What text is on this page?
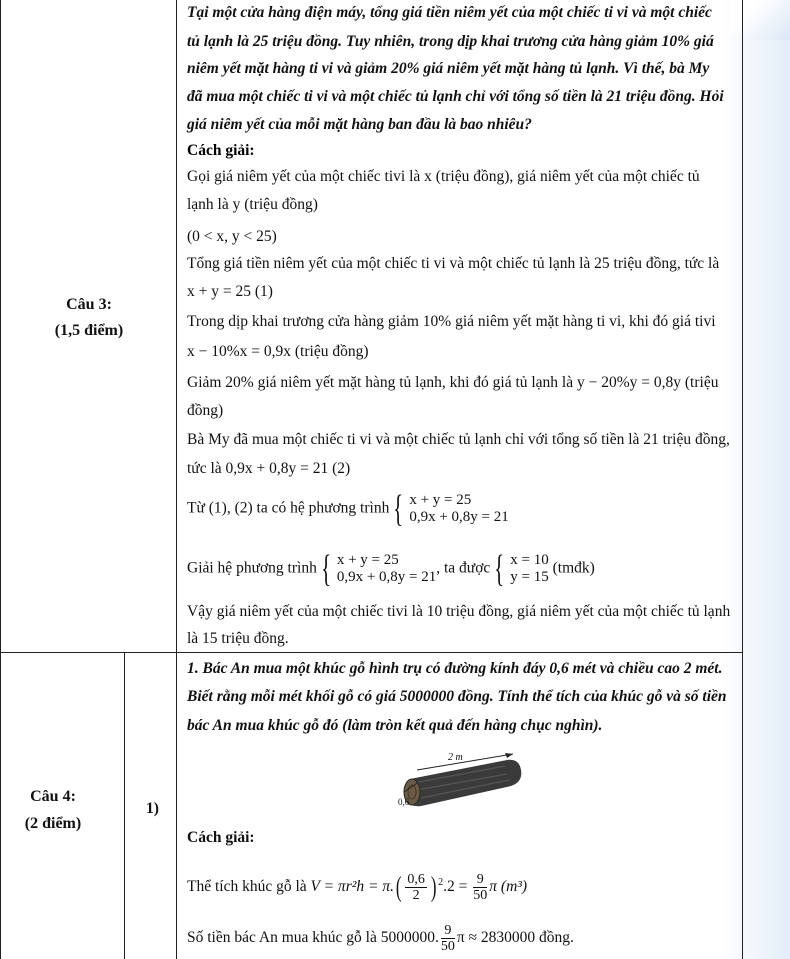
Câu 3:
(1,5 điểm)
Tại một cửa hàng điện máy, tổng giá tiền niêm yết của một chiếc ti vi và một chiếc
tủ lạnh là 25 triệu đồng. Tuy nhiên, trong dịp khai trương cửa hàng giảm 10% giá
niêm yết mặt hàng ti vi và giảm 20% giá niêm yết mặt hàng tủ lạnh. Vì thế, bà My
đã mua một chiếc ti vi và một chiếc tủ lạnh chỉ với tổng số tiền là 21 triệu đồng. Hỏi
giá niêm yết của mỗi mặt hàng ban đầu là bao nhiêu?
Cách giải:
Gọi giá niêm yết của một chiếc tivi là x (triệu đồng), giá niêm yết của một chiếc tủ
lạnh là y (triệu đồng)
(0 < x, y < 25)
Tổng giá tiền niêm yết của một chiếc ti vi và một chiếc tủ lạnh là 25 triệu đồng, tức là
x + y = 25 (1)
Trong dịp khai trương cửa hàng giảm 10% giá niêm yết mặt hàng ti vi, khi đó giá tivi
x − 10%x = 0,9x (triệu đồng)
Giảm 20% giá niêm yết mặt hàng tủ lạnh, khi đó giá tủ lạnh là y − 20%y = 0,8y (triệu
đồng)
Bà My đã mua một chiếc ti vi và một chiếc tủ lạnh chỉ với tổng số tiền là 21 triệu đồng,
tức là 0,9x + 0,8y = 21 (2)
Từ (1), (2) ta có hệ phương trình { x + y = 25
0,9x + 0,8y = 21
Giải hệ phương trình { x + y = 25
0,9x + 0,8y = 21
, ta được { x = 10
y = 15
(tmđk)
Vậy giá niêm yết của một chiếc tivi là 10 triệu đồng, giá niêm yết của một chiếc tủ lạnh
là 15 triệu đồng.
Câu 4:
(2 điểm)
1)
1. Bác An mua một khúc gỗ hình trụ có đường kính đáy 0,6 mét và chiều cao 2 mét.
Biết rằng mỗi mét khối gỗ có giá 5000000 đồng. Tính thể tích của khúc gỗ và số tiền
bác An mua khúc gỗ đó (làm tròn kết quả đến hàng chục nghìn).
2 m
0,6
Cách giải:
Thể tích khúc gỗ là $V = \pi r^2h = \pi.( \frac{0,6}{2}$ ) $^2.2 = \frac{9}{50}$ π (m³)
Số tiền bác An mua khúc gỗ là 5000000. $\frac{9}{50}$ π ≈ 2830000 đồng.
